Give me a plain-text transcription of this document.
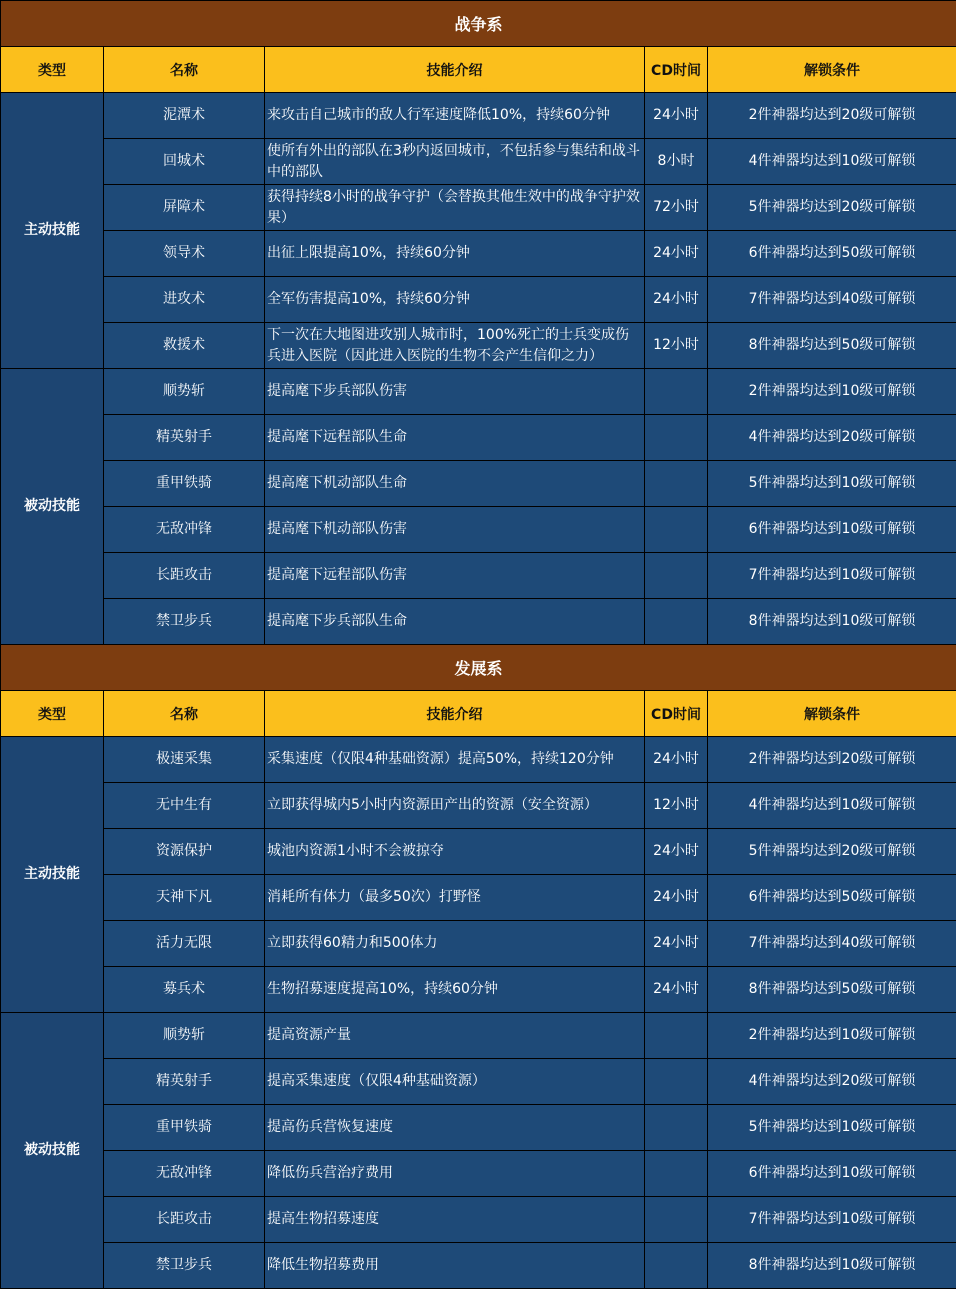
战争系				
类型	名称	技能介绍	CD时间	解锁条件
主动技能	泥潭术	来攻击自己城市的敌人行军速度降低10%，持续60分钟	24小时	2件神器均达到20级可解锁
	回城术	使所有外出的部队在3秒内返回城市，不包括参与集结和战斗中的部队	8小时	4件神器均达到10级可解锁
	屏障术	获得持续8小时的战争守护（会替换其他生效中的战争守护效果）	72小时	5件神器均达到20级可解锁
	领导术	出征上限提高10%，持续60分钟	24小时	6件神器均达到50级可解锁
	进攻术	全军伤害提高10%，持续60分钟	24小时	7件神器均达到40级可解锁
	救援术	下一次在大地图进攻别人城市时，100%死亡的士兵变成伤兵进入医院（因此进入医院的生物不会产生信仰之力）	12小时	8件神器均达到50级可解锁
被动技能	顺势斩	提高麾下步兵部队伤害		2件神器均达到10级可解锁
	精英射手	提高麾下远程部队生命		4件神器均达到20级可解锁
	重甲铁骑	提高麾下机动部队生命		5件神器均达到10级可解锁
	无敌冲锋	提高麾下机动部队伤害		6件神器均达到10级可解锁
	长距攻击	提高麾下远程部队伤害		7件神器均达到10级可解锁
	禁卫步兵	提高麾下步兵部队生命		8件神器均达到10级可解锁
发展系				
类型	名称	技能介绍	CD时间	解锁条件
主动技能	极速采集	采集速度（仅限4种基础资源）提高50%，持续120分钟	24小时	2件神器均达到20级可解锁
	无中生有	立即获得城内5小时内资源田产出的资源（安全资源）	12小时	4件神器均达到10级可解锁
	资源保护	城池内资源1小时不会被掠夺	24小时	5件神器均达到20级可解锁
	天神下凡	消耗所有体力（最多50次）打野怪	24小时	6件神器均达到50级可解锁
	活力无限	立即获得60精力和500体力	24小时	7件神器均达到40级可解锁
	募兵术	生物招募速度提高10%，持续60分钟	24小时	8件神器均达到50级可解锁
被动技能	顺势斩	提高资源产量		2件神器均达到10级可解锁
	精英射手	提高采集速度（仅限4种基础资源）		4件神器均达到20级可解锁
	重甲铁骑	提高伤兵营恢复速度		5件神器均达到10级可解锁
	无敌冲锋	降低伤兵营治疗费用		6件神器均达到10级可解锁
	长距攻击	提高生物招募速度		7件神器均达到10级可解锁
	禁卫步兵	降低生物招募费用		8件神器均达到10级可解锁
